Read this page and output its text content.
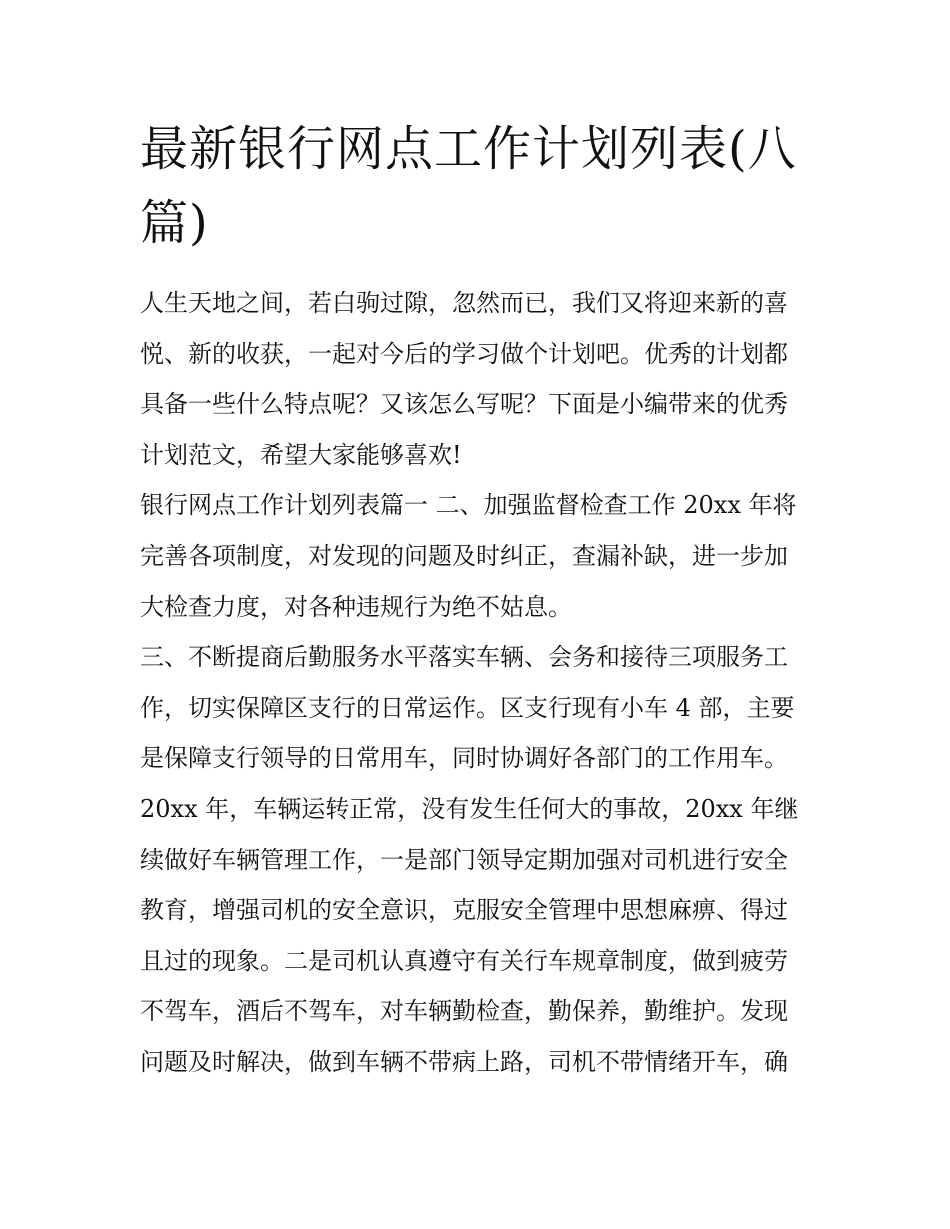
最新银行网点工作计划列表(八
篇)
人生天地之间，若白驹过隙，忽然而已，我们又将迎来新的喜
悦、新的收获，一起对今后的学习做个计划吧。优秀的计划都
具备一些什么特点呢？又该怎么写呢？下面是小编带来的优秀
计划范文，希望大家能够喜欢!
银行网点工作计划列表篇一 二、加强监督检查工作 20xx 年将
完善各项制度，对发现的问题及时纠正，查漏补缺，进一步加
大检查力度，对各种违规行为绝不姑息。
三、不断提商后勤服务水平落实车辆、会务和接待三项服务工
作，切实保障区支行的日常运作。区支行现有小车 4 部，主要
是保障支行领导的日常用车，同时协调好各部门的工作用车。
20xx 年，车辆运转正常，没有发生任何大的事故，20xx 年继
续做好车辆管理工作，一是部门领导定期加强对司机进行安全
教育，增强司机的安全意识，克服安全管理中思想麻痹、得过
且过的现象。二是司机认真遵守有关行车规章制度，做到疲劳
不驾车，酒后不驾车，对车辆勤检查，勤保养，勤维护。发现
问题及时解决，做到车辆不带病上路，司机不带情绪开车，确
